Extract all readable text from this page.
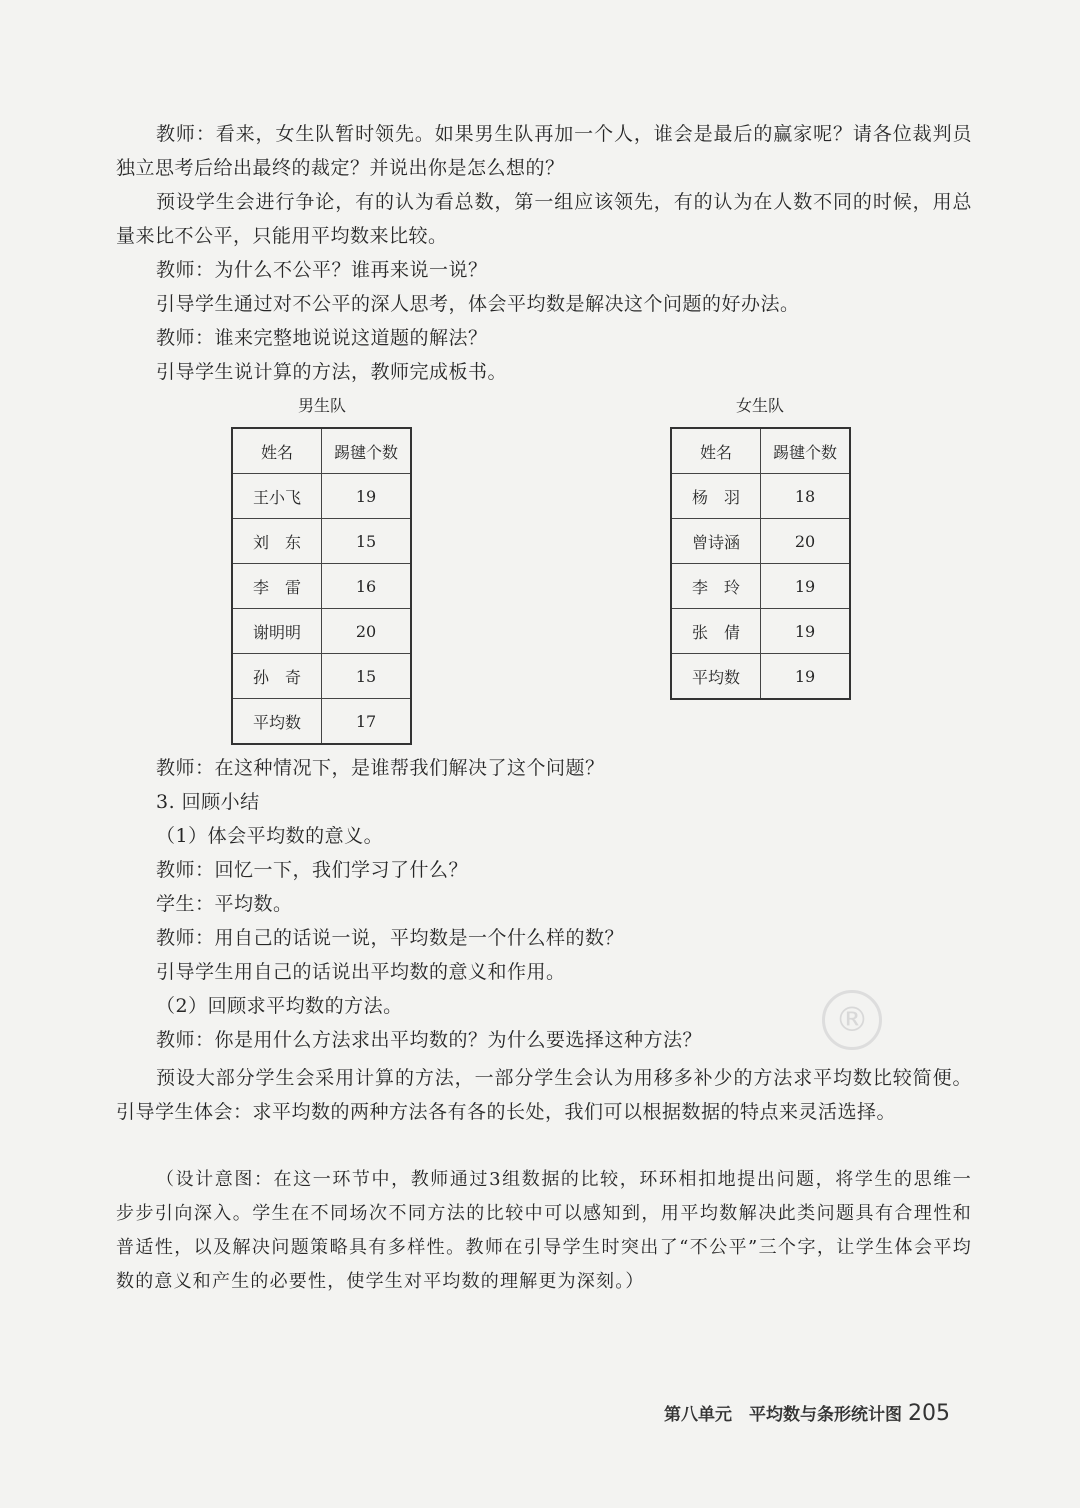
教师：看来，女生队暂时领先。如果男生队再加一个人，谁会是最后的赢家呢？请各位裁判员独立思考后给出最终的裁定？并说出你是怎么想的？

预设学生会进行争论，有的认为看总数，第一组应该领先，有的认为在人数不同的时候，用总量来比不公平，只能用平均数来比较。

教师：为什么不公平？谁再来说一说？

引导学生通过对不公平的深人思考，体会平均数是解决这个问题的好办法。

教师：谁来完整地说说这道题的解法？

引导学生说计算的方法，教师完成板书。

男生队
姓名	踢毽个数
王小飞	19
刘　东	15
李　雷	16
谢明明	20
孙　奇	15
平均数	17
女生队
姓名	踢毽个数
杨　羽	18
曾诗涵	20
李　玲	19
张　倩	19
平均数	19

教师：在这种情况下，是谁帮我们解决了这个问题？

3. 回顾小结

（1）体会平均数的意义。

教师：回忆一下，我们学习了什么？

学生：平均数。

教师：用自己的话说一说，平均数是一个什么样的数？

引导学生用自己的话说出平均数的意义和作用。

（2）回顾求平均数的方法。

教师：你是用什么方法求出平均数的？为什么要选择这种方法？

预设大部分学生会采用计算的方法，一部分学生会认为用移多补少的方法求平均数比较简便。引导学生体会：求平均数的两种方法各有各的长处，我们可以根据数据的特点来灵活选择。

（设计意图：在这一环节中，教师通过3组数据的比较，环环相扣地提出问题，将学生的思维一步步引向深入。学生在不同场次不同方法的比较中可以感知到，用平均数解决此类问题具有合理性和普适性，以及解决问题策略具有多样性。教师在引导学生时突出了“不公平”三个字，让学生体会平均数的意义和产生的必要性，使学生对平均数的理解更为深刻。）

®
第八单元　平均数与条形统计图 205
